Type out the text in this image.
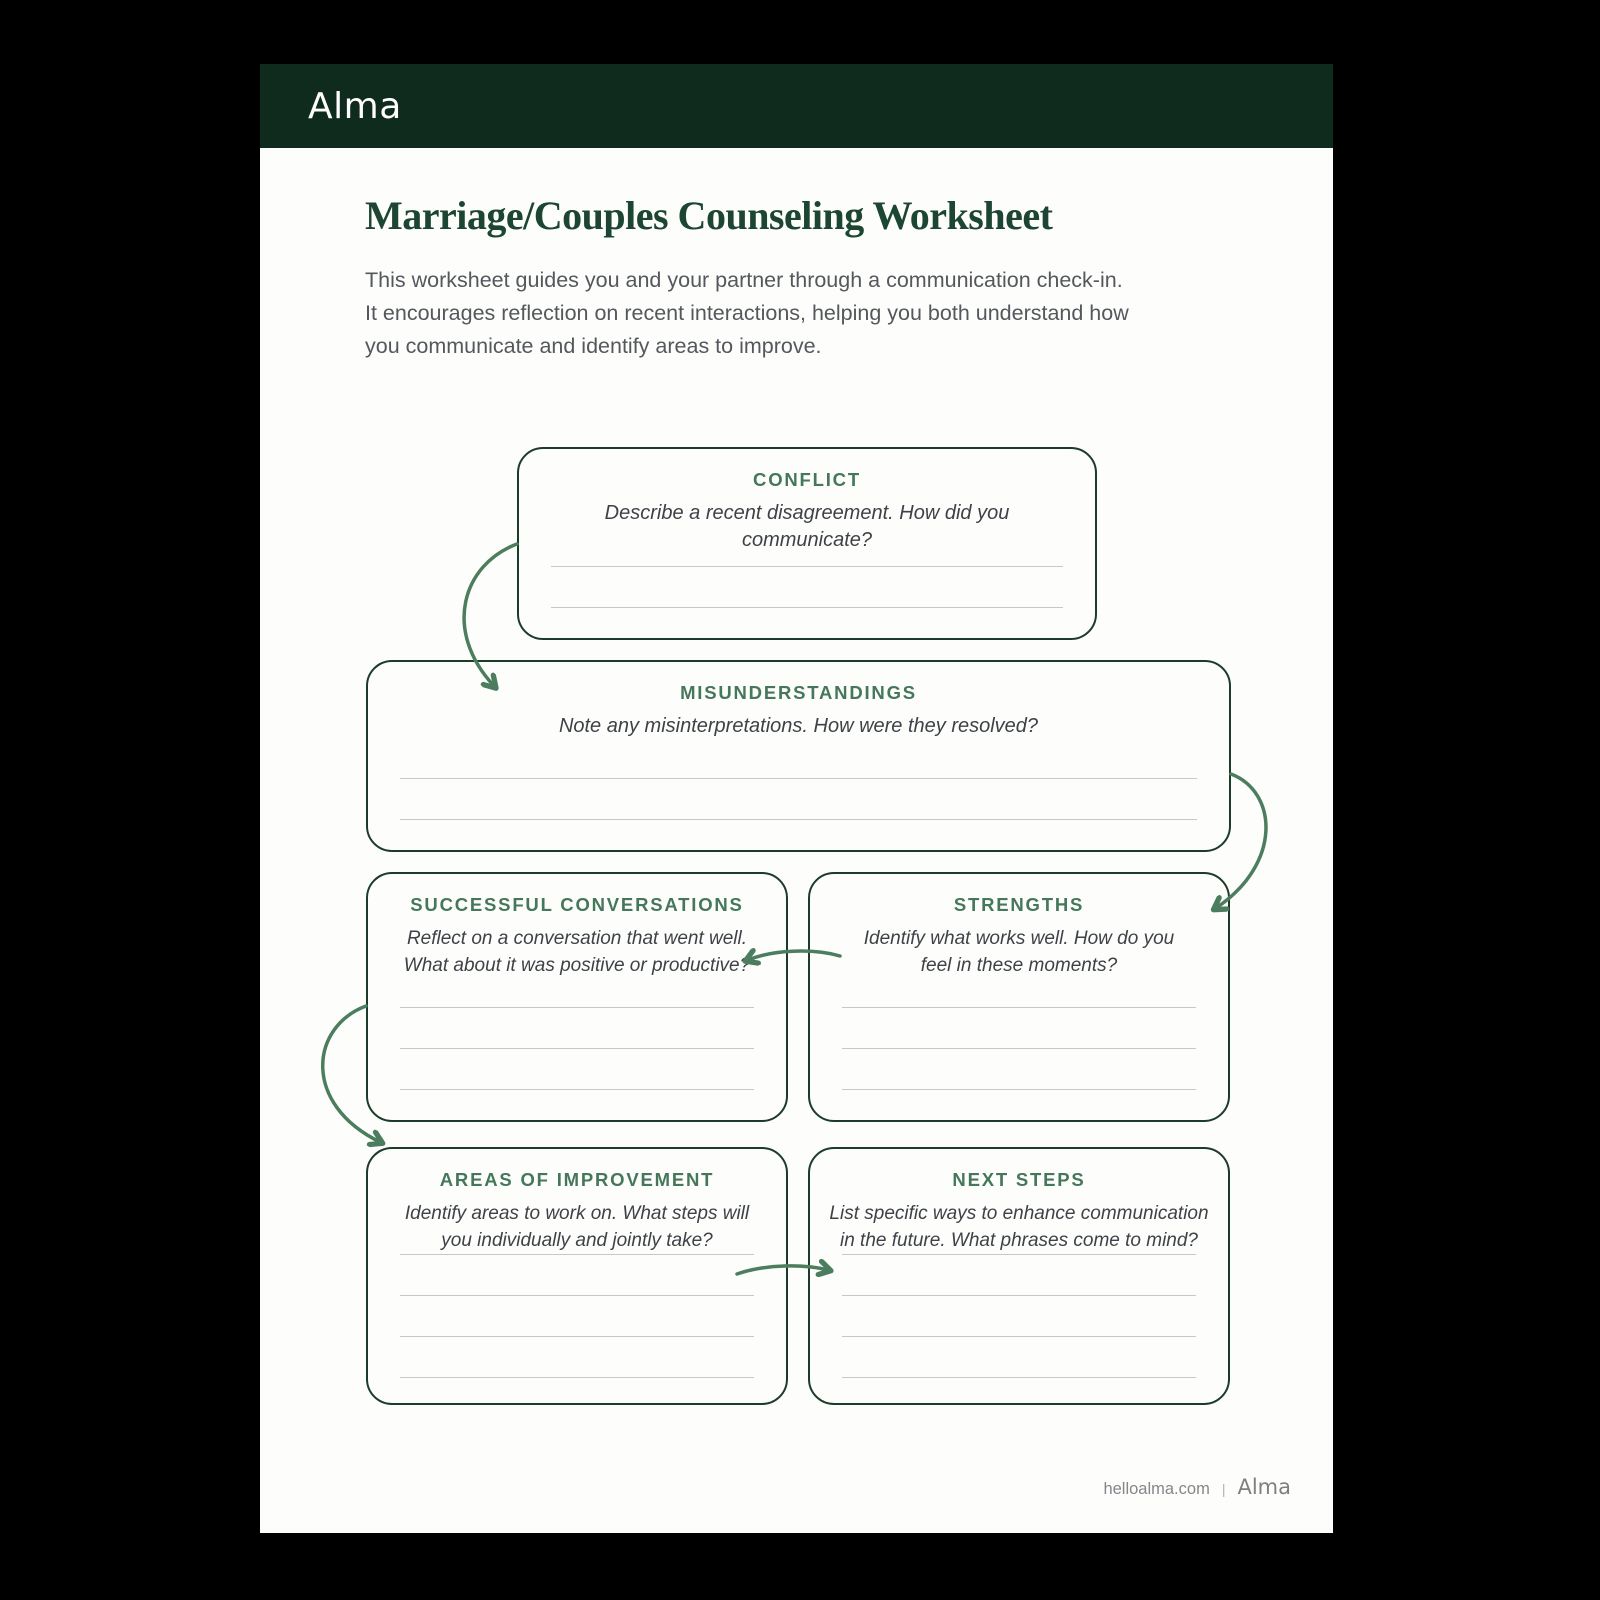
Alma
Marriage/Couples Counseling Worksheet
This worksheet guides you and your partner through a communication check-in.
It encourages reflection on recent interactions, helping you both understand how
you communicate and identify areas to improve.
CONFLICT
Describe a recent disagreement. How did you communicate?
MISUNDERSTANDINGS
Note any misinterpretations. How were they resolved?
SUCCESSFUL CONVERSATIONS
Reflect on a conversation that went well. What about it was positive or productive?
STRENGTHS
Identify what works well. How do you feel in these moments?
AREAS OF IMPROVEMENT
Identify areas to work on. What steps will you individually and jointly take?
NEXT STEPS
List specific ways to enhance communication in the future. What phrases come to mind?
helloalma.com | Alma
